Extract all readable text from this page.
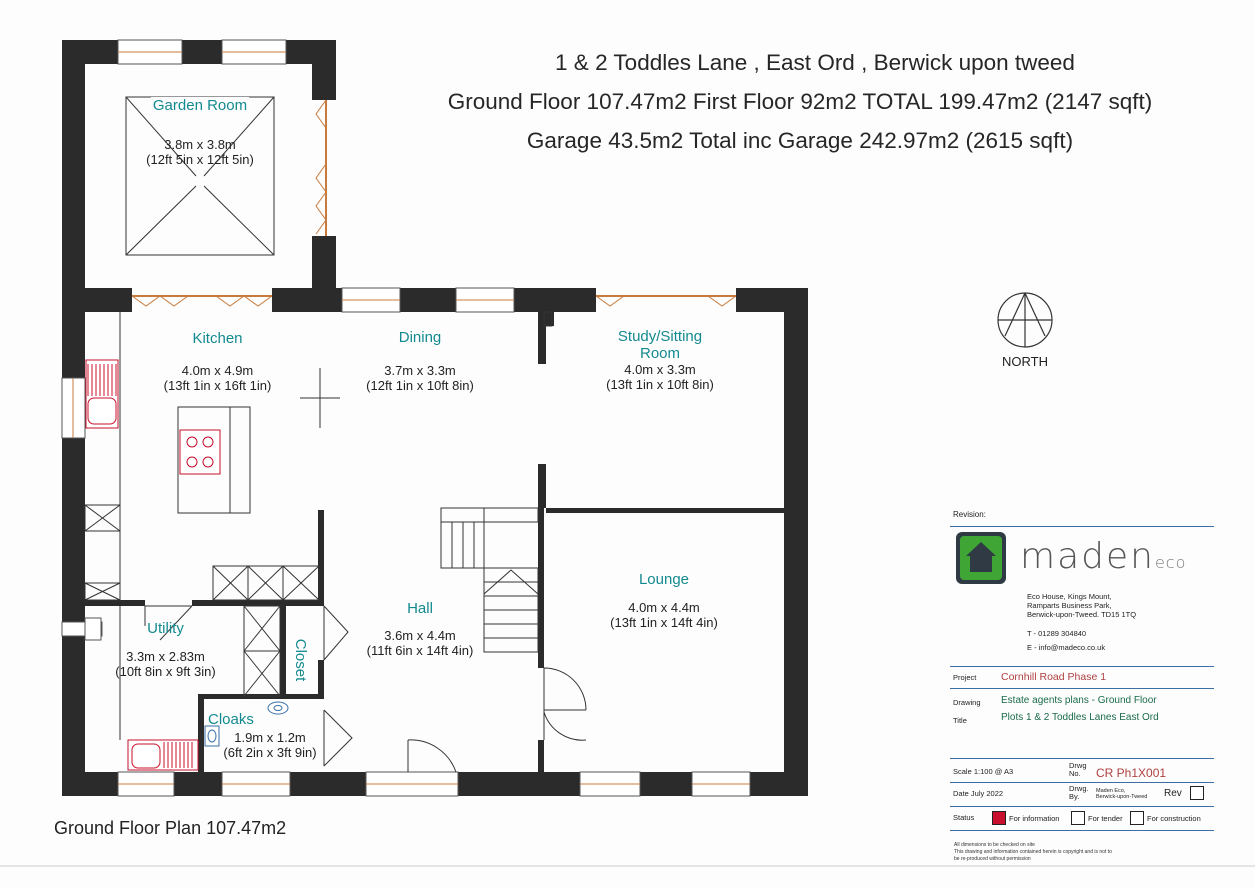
1 & 2 Toddles Lane , East Ord , Berwick upon tweed
Ground Floor 107.47m2 First Floor 92m2 TOTAL 199.47m2 (2147 sqft)
Garage 43.5m2 Total inc Garage 242.97m2 (2615 sqft)
NORTH
Garden Room
3.8m x 3.8m
(12ft 5in x 12ft 5in)
Kitchen
4.0m x 4.9m
(13ft 1in x 16ft 1in)
Dining
3.7m x 3.3m
(12ft 1in x 10ft 8in)
Study/Sitting
Room
4.0m x 3.3m
(13ft 1in x 10ft 8in)
Lounge
4.0m x 4.4m
(13ft 1in x 14ft 4in)
Hall
3.6m x 4.4m
(11ft 6in x 14ft 4in)
Utility
3.3m x 2.83m
(10ft 8in x 9ft 3in)	Closet
Cloaks
1.9m x 1.2m
(6ft 2in x 3ft 9in)
Ground Floor Plan 107.47m2
Revision:
madeneco
Eco House, Kings Mount,
Ramparts Business Park,
Berwick-upon-Tweed. TD15 1TQ
T - 01289 304840
E - info@madeco.co.uk
Project Cornhill Road Phase 1
Drawing Estate agents plans - Ground Floor
Title	Plots 1 & 2 Toddles Lanes East Ord
Scale 1:100 @ A3
Drwg
No.	CR Ph1X001
Date July 2022
Drwg.
By.
Maden Eco,
Berwick-upon-Tweed Rev
Status	For information	For tender	For construction
All dimensions to be checked on site
This drawing and information contained herein is copyright and is not to
be re-produced without permission
